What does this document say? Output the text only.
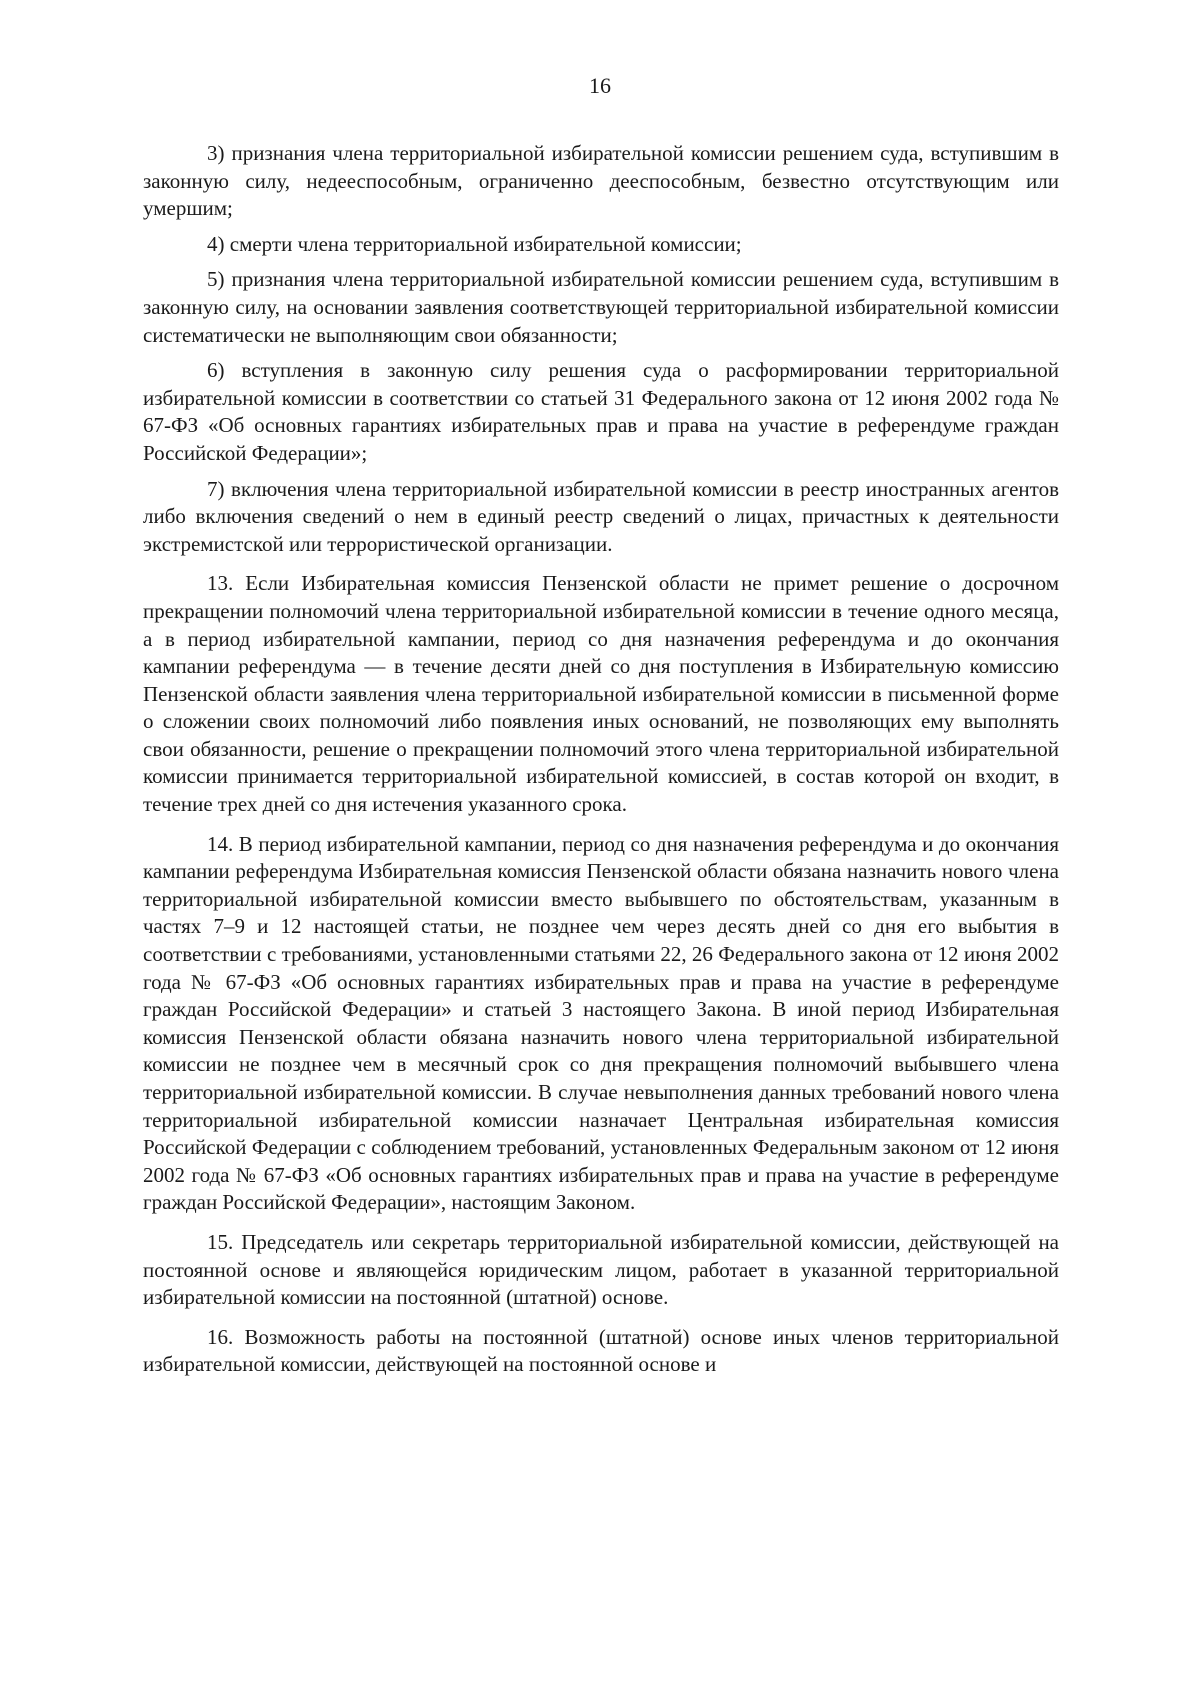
16

3) признания члена территориальной избирательной комиссии решением суда, вступившим в законную силу, недееспособным, ограниченно дееспособным, безвестно отсутствующим или умершим;

4) смерти члена территориальной избирательной комиссии;

5) признания члена территориальной избирательной комиссии решением суда, вступившим в законную силу, на основании заявления соответствующей территориальной избирательной комиссии систематически не выполняющим свои обязанности;

6) вступления в законную силу решения суда о расформировании территориальной избирательной комиссии в соответствии со статьей 31 Федерального закона от 12 июня 2002 года № 67-ФЗ «Об основных гарантиях избирательных прав и права на участие в референдуме граждан Российской Федерации»;

7) включения члена территориальной избирательной комиссии в реестр иностранных агентов либо включения сведений о нем в единый реестр сведений о лицах, причастных к деятельности экстремистской или террористической организации.

13. Если Избирательная комиссия Пензенской области не примет решение о досрочном прекращении полномочий члена территориальной избирательной комиссии в течение одного месяца, а в период избирательной кампании, период со дня назначения референдума и до окончания кампании референдума — в течение десяти дней со дня поступления в Избирательную комиссию Пензенской области заявления члена территориальной избирательной комиссии в письменной форме о сложении своих полномочий либо появления иных оснований, не позволяющих ему выполнять свои обязанности, решение о прекращении полномочий этого члена территориальной избирательной комиссии принимается территориальной избирательной комиссией, в состав которой он входит, в течение трех дней со дня истечения указанного срока.

14. В период избирательной кампании, период со дня назначения референдума и до окончания кампании референдума Избирательная комиссия Пензенской области обязана назначить нового члена территориальной избирательной комиссии вместо выбывшего по обстоятельствам, указанным в частях 7–9 и 12 настоящей статьи, не позднее чем через десять дней со дня его выбытия в соответствии с требованиями, установленными статьями 22, 26 Федерального закона от 12 июня 2002 года № 67-ФЗ «Об основных гарантиях избирательных прав и права на участие в референдуме граждан Российской Федерации» и статьей 3 настоящего Закона. В иной период Избирательная комиссия Пензенской области обязана назначить нового члена территориальной избирательной комиссии не позднее чем в месячный срок со дня прекращения полномочий выбывшего члена территориальной избирательной комиссии. В случае невыполнения данных требований нового члена территориальной избирательной комиссии назначает Центральная избирательная комиссия Российской Федерации с соблюдением требований, установленных Федеральным законом от 12 июня 2002 года № 67-ФЗ «Об основных гарантиях избирательных прав и права на участие в референдуме граждан Российской Федерации», настоящим Законом.

15. Председатель или секретарь территориальной избирательной комиссии, действующей на постоянной основе и являющейся юридическим лицом, работает в указанной территориальной избирательной комиссии на постоянной (штатной) основе.

16. Возможность работы на постоянной (штатной) основе иных членов территориальной избирательной комиссии, действующей на постоянной основе и
